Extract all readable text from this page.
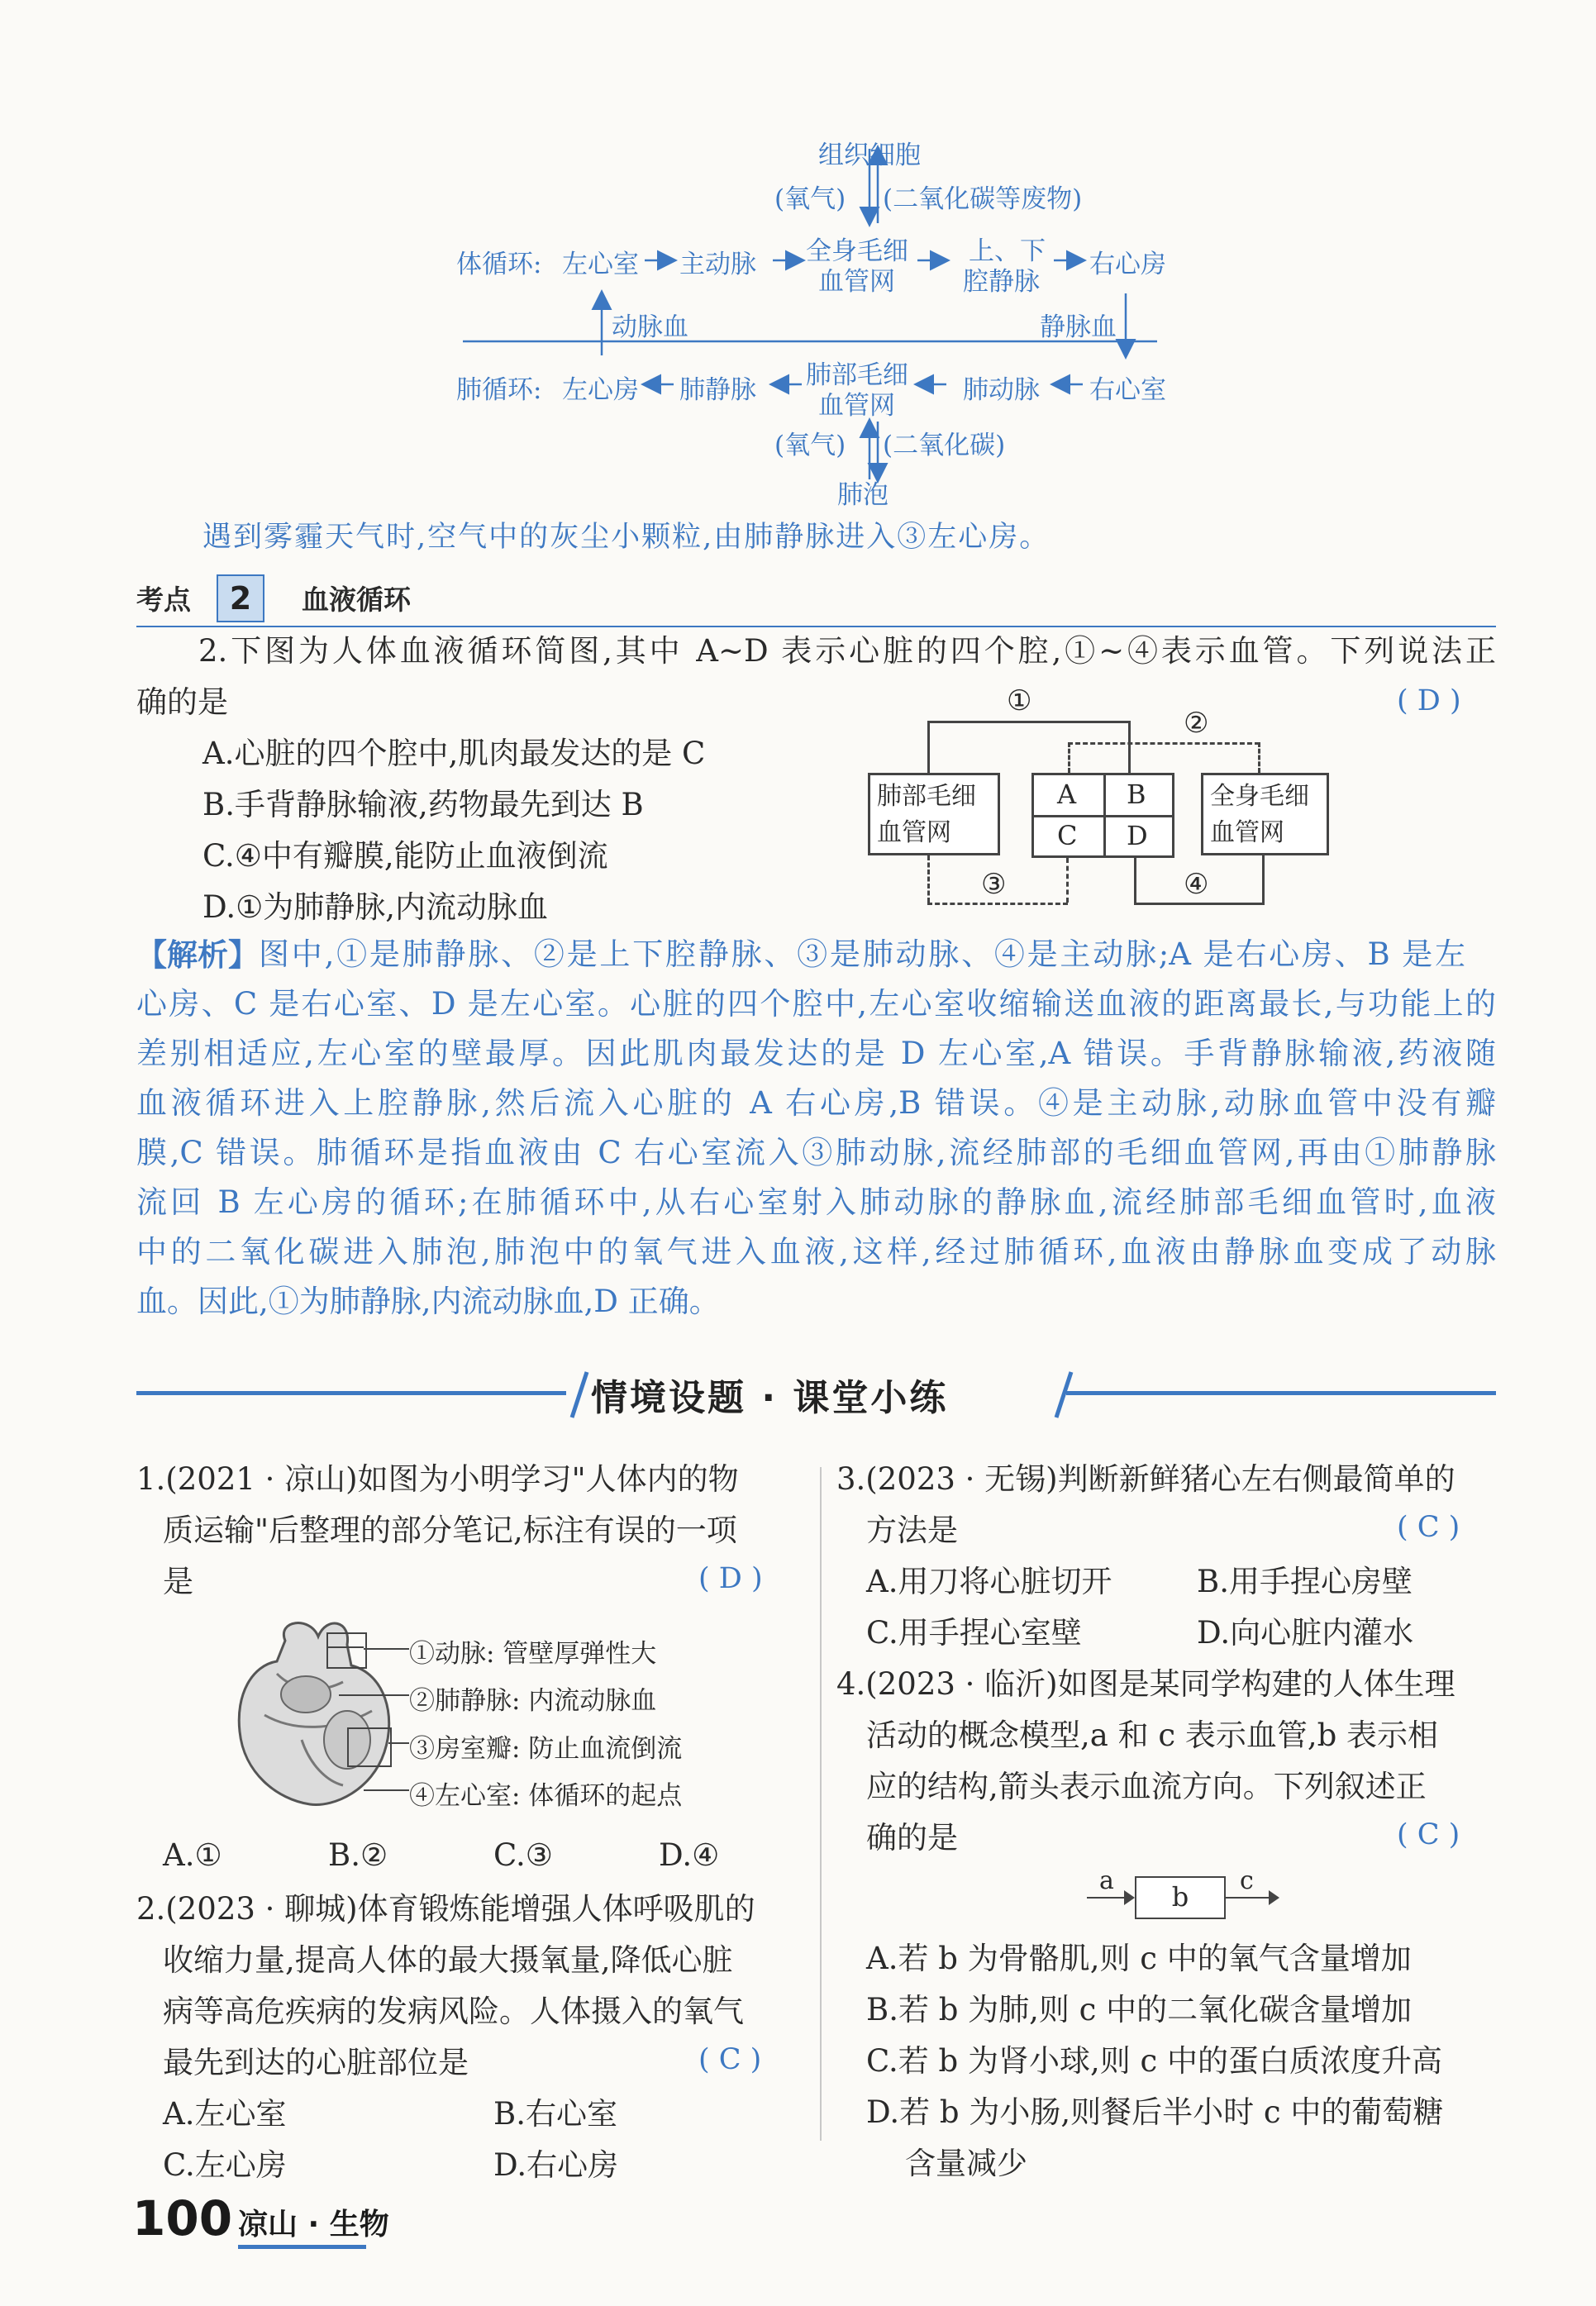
组织细胞
(氧气) (二氧化碳等废物)
体循环: 左心室 主动脉 全身毛细
血管网
上、下
腔静脉
右心房
动脉血	静脉血
肺循环: 左心房 肺静脉 肺部毛细
血管网
肺动脉 右心室
(氧气) (二氧化碳)
肺泡
遇到雾霾天气时,空气中的灰尘小颗粒,由肺静脉进入③左心房。
考点	2	血液循环
2.下图为人体血液循环简图,其中 A~D 表示心脏的四个腔,①~④表示血管。下列说法正
确的是	( D )
A.心脏的四个腔中,肌肉最发达的是 C
B.手背静脉输液,药物最先到达 B
C.④中有瓣膜,能防止血液倒流
D.①为肺静脉,内流动脉血
①
②
③	④
肺部毛细
血管网
A B
C D
全身毛细
血管网
【解析】图中,①是肺静脉、②是上下腔静脉、③是肺动脉、④是主动脉;A 是右心房、B 是左
心房、C 是右心室、D 是左心室。心脏的四个腔中,左心室收缩输送血液的距离最长,与功能上的
差别相适应,左心室的壁最厚。因此肌肉最发达的是 D 左心室,A 错误。手背静脉输液,药液随
血液循环进入上腔静脉,然后流入心脏的 A 右心房,B 错误。④是主动脉,动脉血管中没有瓣
膜,C 错误。肺循环是指血液由 C 右心室流入③肺动脉,流经肺部的毛细血管网,再由①肺静脉
流回 B 左心房的循环;在肺循环中,从右心室射入肺动脉的静脉血,流经肺部毛细血管时,血液
中的二氧化碳进入肺泡,肺泡中的氧气进入血液,这样,经过肺循环,血液由静脉血变成了动脉
血。因此,①为肺静脉,内流动脉血,D 正确。
情境设题 · 课堂小练
1.(2021 · 凉山)如图为小明学习"人体内的物
质运输"后整理的部分笔记,标注有误的一项
是	( D )
①动脉: 管壁厚弹性大
②肺静脉: 内流动脉血
③房室瓣: 防止血流倒流
④左心室: 体循环的起点
A.①	B.②	C.③	D.④
2.(2023 · 聊城)体育锻炼能增强人体呼吸肌的
收缩力量,提高人体的最大摄氧量,降低心脏
病等高危疾病的发病风险。人体摄入的氧气
最先到达的心脏部位是	( C )
A.左心室	B.右心室
C.左心房	D.右心房
3.(2023 · 无锡)判断新鲜猪心左右侧最简单的
方法是	( C )
A.用刀将心脏切开	B.用手捏心房壁
C.用手捏心室壁	D.向心脏内灌水
4.(2023 · 临沂)如图是某同学构建的人体生理
活动的概念模型,a 和 c 表示血管,b 表示相
应的结构,箭头表示血流方向。下列叙述正
确的是	( C )
a
b
c
A.若 b 为骨骼肌,则 c 中的氧气含量增加
B.若 b 为肺,则 c 中的二氧化碳含量增加
C.若 b 为肾小球,则 c 中的蛋白质浓度升高
D.若 b 为小肠,则餐后半小时 c 中的葡萄糖
含量减少
100 凉山 · 生物
